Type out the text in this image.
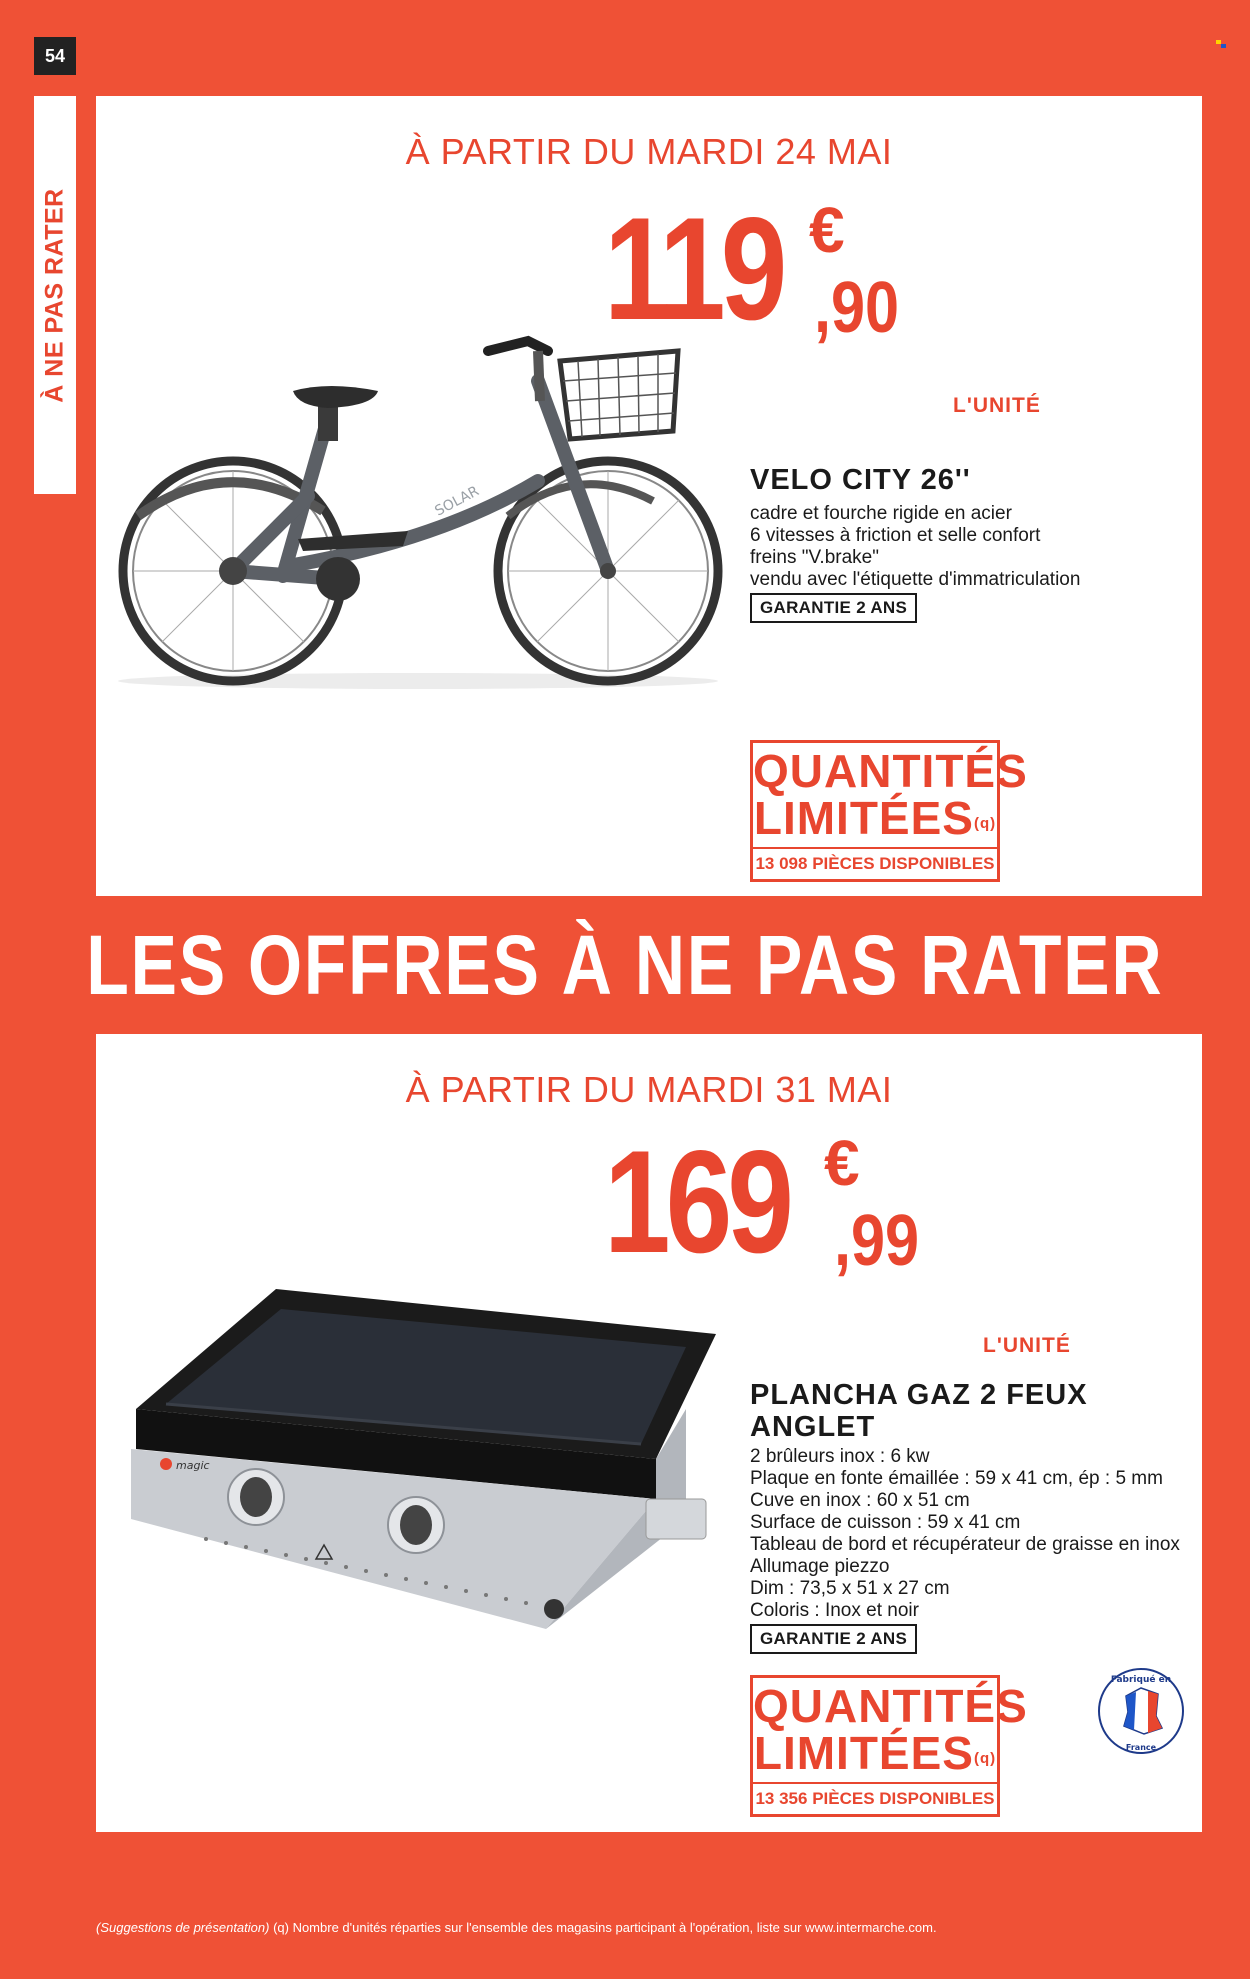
54
À NE PAS RATER
À PARTIR DU MARDI 24 MAI
SOLAR
119 €
,90
L'UNITÉ
VELO CITY 26''
cadre et fourche rigide en acier
6 vitesses à friction et selle confort
freins "V.brake"
vendu avec l'étiquette d'immatriculation
GARANTIE 2 ANS
QUANTITÉS
LIMITÉES$^{(q)}$
13 098 PIÈCES DISPONIBLES
LES OFFRES À NE PAS RATER
À PARTIR DU MARDI 31 MAI
magic
169 €
,99
L'UNITÉ
PLANCHA GAZ 2 FEUX
ANGLET
2 brûleurs inox : 6 kw
Plaque en fonte émaillée : 59 x 41 cm, ép : 5 mm
Cuve en inox : 60 x 51 cm
Surface de cuisson : 59 x 41 cm
Tableau de bord et récupérateur de graisse en inox
Allumage piezzo
Dim : 73,5 x 51 x 27 cm
Coloris : Inox et noir
GARANTIE 2 ANS
QUANTITÉS
LIMITÉES$^{(q)}$
13 356 PIÈCES DISPONIBLES
Fabriqué en
France
(Suggestions de présentation) (q) Nombre d'unités réparties sur l'ensemble des magasins participant à l'opération, liste sur www.intermarche.com.
